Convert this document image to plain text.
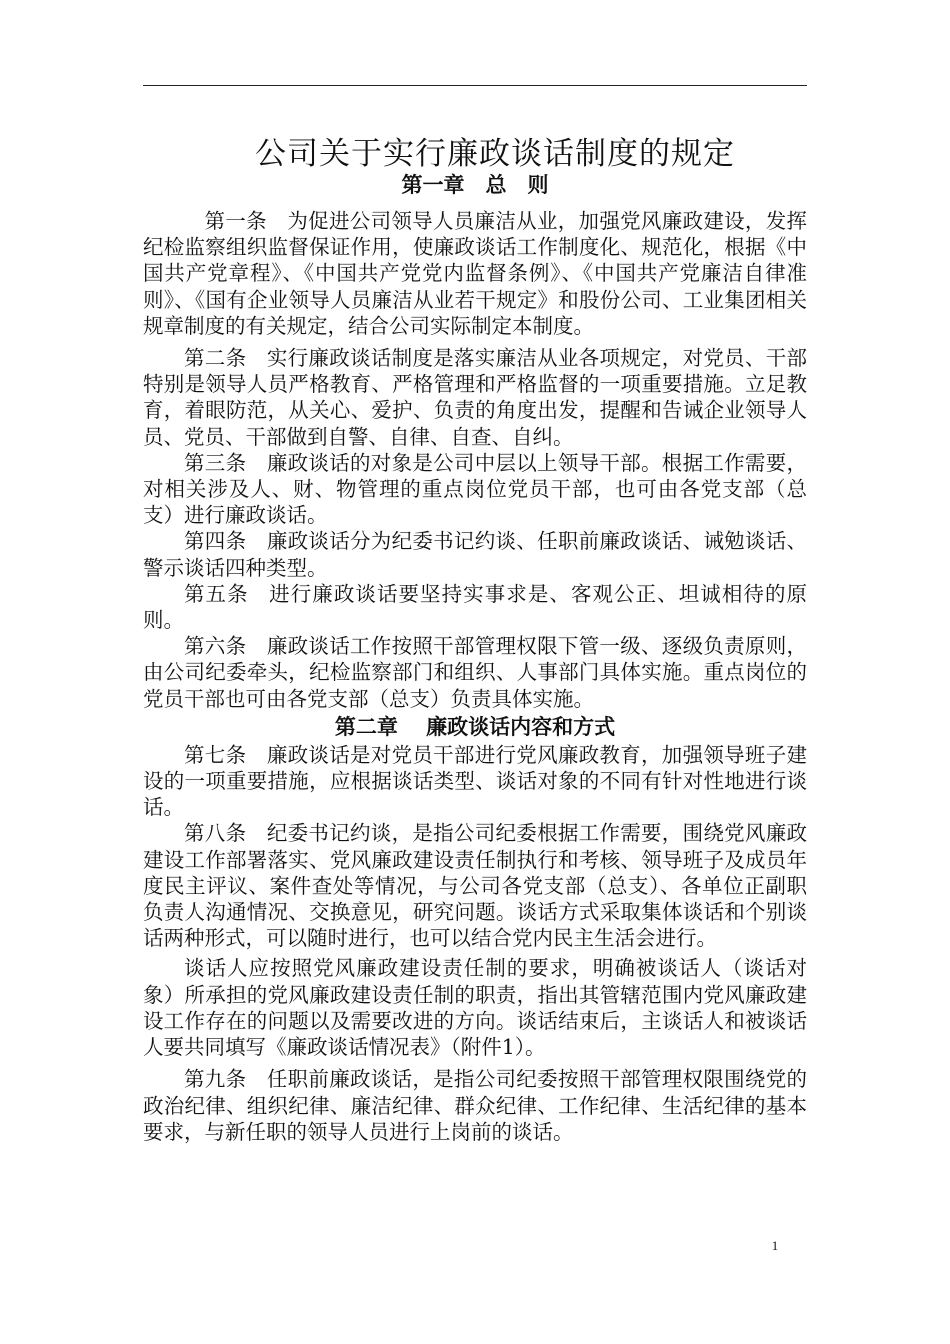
公司关于实行廉政谈话制度的规定

第一章　总　则

第一条 为促进公司领导人员廉洁从业，加强党风廉政建设，发挥纪检监察组织监督保证作用，使廉政谈话工作制度化、规范化，根据《中国共产党章程》、《中国共产党党内监督条例》、《中国共产党廉洁自律准则》、《国有企业领导人员廉洁从业若干规定》和股份公司、工业集团相关规章制度的有关规定，结合公司实际制定本制度。

第二条 实行廉政谈话制度是落实廉洁从业各项规定，对党员、干部特别是领导人员严格教育、严格管理和严格监督的一项重要措施。立足教育，着眼防范，从关心、爱护、负责的角度出发，提醒和告诫企业领导人员、党员、干部做到自警、自律、自查、自纠。

第三条 廉政谈话的对象是公司中层以上领导干部。根据工作需要，对相关涉及人、财、物管理的重点岗位党员干部，也可由各党支部（总支）进行廉政谈话。

第四条 廉政谈话分为纪委书记约谈、任职前廉政谈话、诫勉谈话、警示谈话四种类型。

第五条 进行廉政谈话要坚持实事求是、客观公正、坦诚相待的原则。

第六条 廉政谈话工作按照干部管理权限下管一级、逐级负责原则，由公司纪委牵头，纪检监察部门和组织、人事部门具体实施。重点岗位的党员干部也可由各党支部（总支）负责具体实施。

第二章　 廉政谈话内容和方式

第七条 廉政谈话是对党员干部进行党风廉政教育，加强领导班子建设的一项重要措施，应根据谈话类型、谈话对象的不同有针对性地进行谈话。

第八条 纪委书记约谈，是指公司纪委根据工作需要，围绕党风廉政建设工作部署落实、党风廉政建设责任制执行和考核、领导班子及成员年度民主评议、案件查处等情况，与公司各党支部（总支）、各单位正副职负责人沟通情况、交换意见，研究问题。谈话方式采取集体谈话和个别谈话两种形式，可以随时进行，也可以结合党内民主生活会进行。

谈话人应按照党风廉政建设责任制的要求，明确被谈话人（谈话对象）所承担的党风廉政建设责任制的职责，指出其管辖范围内党风廉政建设工作存在的问题以及需要改进的方向。谈话结束后，主谈话人和被谈话人要共同填写《廉政谈话情况表》（附件1）。

第九条 任职前廉政谈话，是指公司纪委按照干部管理权限围绕党的政治纪律、组织纪律、廉洁纪律、群众纪律、工作纪律、生活纪律的基本要求，与新任职的领导人员进行上岗前的谈话。

1
